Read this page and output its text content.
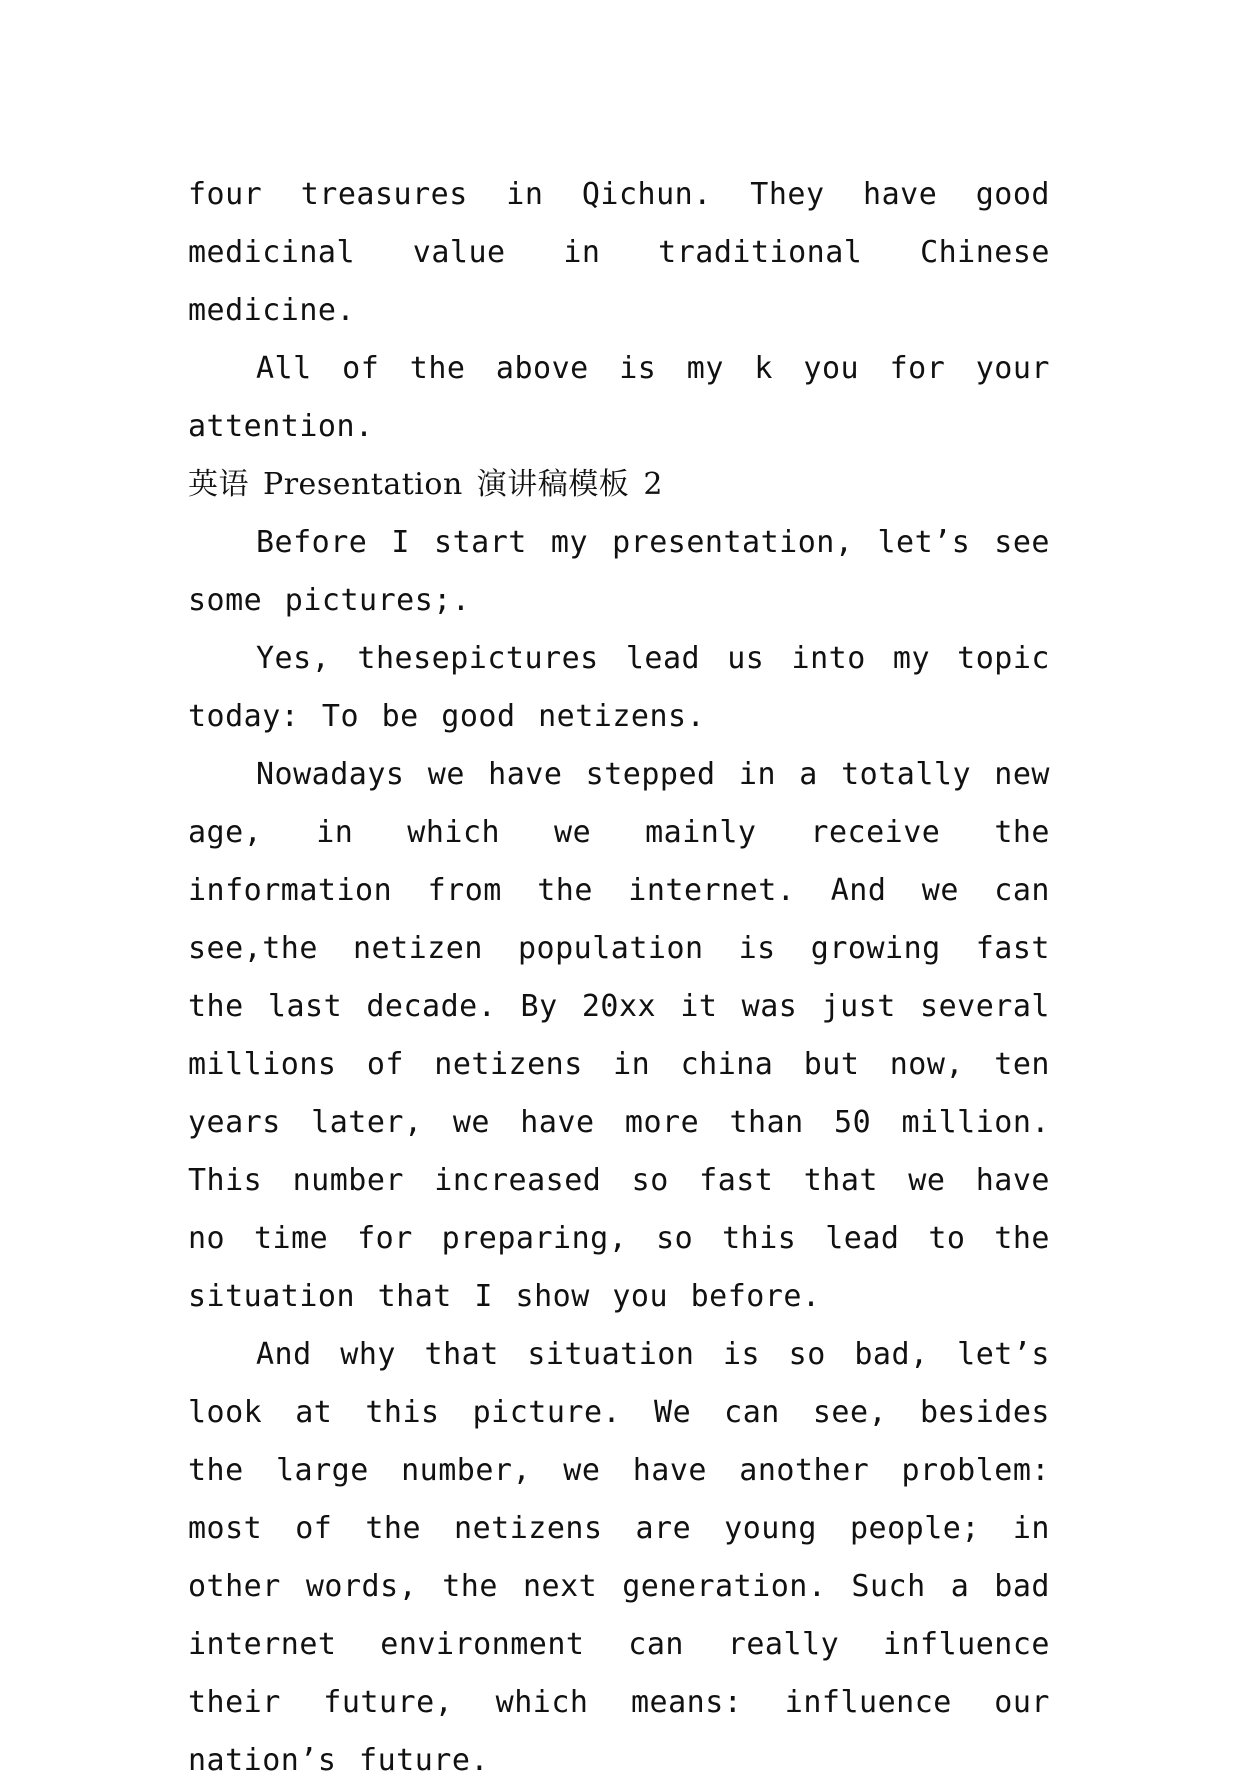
four treasures in Qichun. They have good medicinal value in traditional Chinese medicine.

All of the above is my k you for your attention.

英语 Presentation 演讲稿模板 2

Before I start my presentation, let’s see some pictures;.

Yes, thesepictures lead us into my topic today: To be good netizens.

Nowadays we have stepped in a totally new age, in which we mainly receive the information from the internet. And we can see,the netizen population is growing fast the last decade. By 20xx it was just several millions of netizens in china but now, ten years later, we have more than 50 million. This number increased so fast that we have no time for preparing, so this lead to the situation that I show you before.

And why that situation is so bad, let’s look at this picture. We can see, besides the large number, we have another problem: most of the netizens are young people; in other words, the next generation. Such a bad internet environment can really influence their future, which means: influence our nation’s future.
